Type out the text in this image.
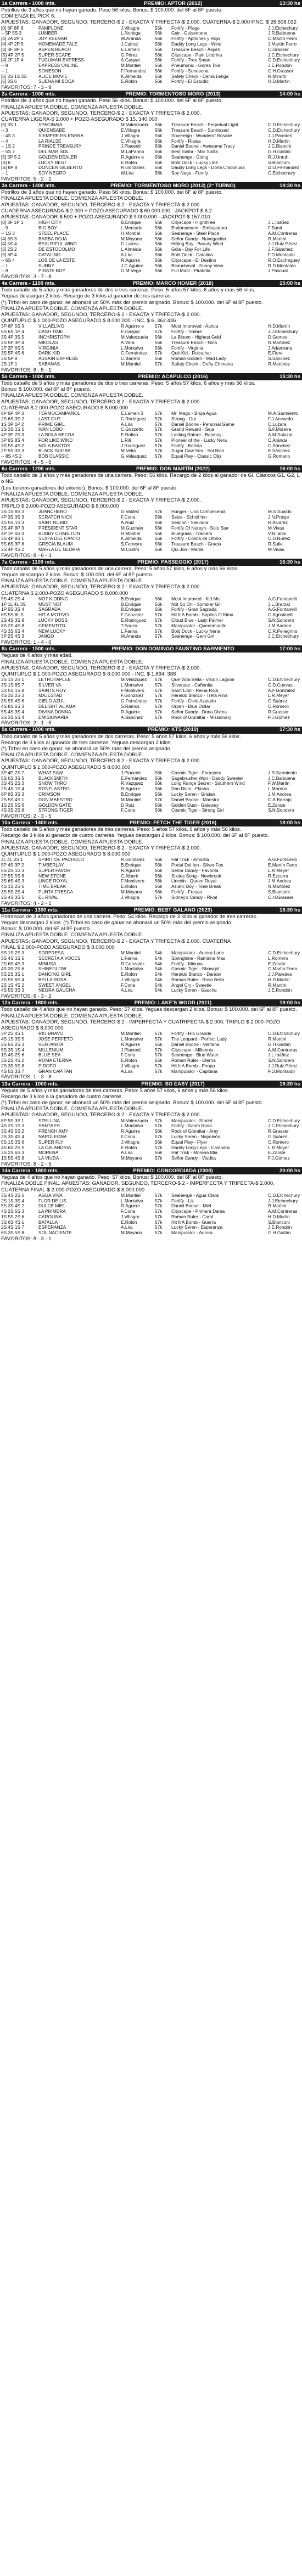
1a Carrera - 1000 mts.	PREMIO: APTOR (2012)	13:30 hs

Potrillos de 3 años que no hayan ganado. Peso 56 kilos. Bonus: $ 100.000. del 6F al 8F puesto.

COMIENZA EL PICK 6.

APUESTAS: GANADOR, SEGUNDO, TERCERO-$ 2 - EXACTA Y TRIFECTA-$ 2.000. CUATERNA-$ 2.000 P.NC. $ 28.608.032

[0] 8F 8P 8	PAMPLONE	J.Villagra	55k	Fortify - Plage	J.J.Etchechury
-- 5P 5S 3	LUMBER	L.Noriega	56k	Gstr - Gulsemene	J.R.Balbuena
[4] 2A 2P 1	JOY KEENAN	W.Aranda	56k	Fortify - Aphones y Rojo	C.Martin Ferro
[4] 4P 2P 5	HOMEMADE TALE	J.Cabral	56k	Daddy Long Legs - Wind	J.Martín Ferro
[3] 3F 3P 5	ASPEN BEACH	E.Lamelli	56k	Treasure Beach - Aspen	C.Grasser
[S] 4P 2P 5	SUPER SCAPE	G.Pérez	56k	Cityscape - Pain Lindrina	J.C.Etchechury
[4] 2F 1P 4	TUCUMAN EXPRESS	A.Gaspar	56k	Fortify - Tree Smart	C.D.Etchechury
-- 8	EXPRESS ONLINE	M.Montiel	56k	Pneumonic - Gorea Toia	J.E.Rondón
-- 1	SONESON	F.Fernandez	56k	Fortify - Sonesona	C.H.Grasser
[5] 3S 1S 3S	ALICE MOVIE	K.Almeida	56k	Safety Check - Dama Lenga	R.Minutti
[5] 3S 6	SUENA MI BOCA	E.Rolón	56k	Fortify - El Estudio	H.D.Martin
FAVORITOS: 7 - 3 - 9
2a Carrera - 1000 mts.	PREMIO: TORMENTOSO MORO (2013)	14:00 hs

Potrillos de 3 años que no hayan ganado. Peso 56 kilos. Bonus: $ 100.000. del 6F al 8F puesto.

FINALIZA APUESTA DOBLE. COMIENZA APUESTA DOBLE.

APUESTAS: GANADOR, SEGUNDO, TERCERO-$ 2 - EXACTA Y TRIFECTA-$ 2.000.

CUATERNA LIGERA-$ 2.000 + POZO ASEGURADO $ 15. 340.000

[5] 3S 1	SPACINAIA	M.Valenzuela	56k	Treasure Beach - Perpetual Light	C.D.Etchechury
-- 3	QUIENSABE	E.Villagra	56k	Treasure Beach - Sunkissed	C.D.Etchechury
-- 4S 3	SIEMPRE EN ENERA	J.Villagra	56k	Sovereign - Wonderof Rosalie	J.J.Paredes
-- 4	LA RIALSE	C.Villagra	56k	Fortify - Rialsa	H.D.Martin
-- 1S 2	PRINCE TREASURY	J.Piacenti	56k	Daniel Boone - Awesome Tracy	J.C.Bianchi
-- 5S 7	DEL MAR SOL	M.LaPanno	56k	Best Sailor - Mar Solita	G.H.Gaitán
[5] 5P 5 2	GOLDEN DEALER	R.Aguirre e	56k	Seahenge - Going	R.J.Unruh
[S] 6	LUCKY BEST	E.Rolón	56k	Bold Dock - Lucky Line	S.Bianconi
[S] 8P 8	DONCEN GILBERTO	R.Gonzales	56k	Daddy Long Legs - Doña Chiconusa	D.O.Fernández
-- 1	SOY NEGRO	W.Lira	56k	Soy Nego - Fortify	C.Etchechury
FAVORITOS: 5 - 2 - 1
3a Carrera - 1400 mts.	PREMIO: TORMENTOSO MORO (2013) (2° TURNO)	14:30 hs

Potrillos de 3 años que no hayan ganado. Peso 56 kilos. Bonus: $ 100.000. del 6F al 8F puesto.

FINALIZA APUESTA DOBLE. COMIENZA APUESTA DOBLE.

APUESTAS: GANADOR, SEGUNDO, TERCERO-$ 2 - EXACTA Y TRIFECTA-$ 2.000.

CUADERNA ASEGURADA-$ 2.000 + POZO ASEGURADO $ 60.000.000 - JACKPOT $ 6.2

APUESTAS: GANADOR-$ 500 + POZO ASEGURADO $ 9.000.000 - JACKPOT $ 157.010

[0] 3F 1P 1	HIGH CITY	B.Enrique	56k	Cityscape - Highthree	J.L.Ibáñez
-- 9	BIG BOY	L.Mercado	56k	Endorsement - Embajadora	F.Santi
-- 1S 3	STEEL PLACE	H.Montiel	56k	Seahenge - Steel Place	A.M.Contreras
[4] 3S 3	BARBA ROJA	M.Moyano	56k	Señor Candy - Navegación	R.Martini
[4] 5S 4	BEAUTIFUL WIND	G.Larrea	56k	Hitting Bay - Beauty Wind	J.J.Ruiz Pérez
[5] 2S 2	DE ESTOCOLMO	L.Almeida	56k	Góla - Day For Life	J.F.Sánchez
[5] 6P 4	CATALINO	A.Lira	56k	Bold Dock - Catalina	F.D.Montaldo
-- 6S 4	LOS DE LA ESTE	R.Aguirre	56k	Cityscape - El Destino	R.O.Escheguey
-- 1	SUNNY	J.C.Aguirre	56k	Beaucheval - Sunny View	R.D.Montaldo
-- 8	PIRATE BOY	O.M.Vega	56k	Full Mast - Piratella	J.Pascual
FAVORITOS: 3 - 7 - 8
4a Carrera - 1100 mts.	PREMIO: MARCO HOMER (2018)	15:00 hs

Todo caballo de 5 años y más ganadores de dos o tres carreras. Peso: 5 años 57 kilos, 6 años y más 56 kilos.

Yeguas descargan 2 kilos. Recargo de 3 kilos al ganador de tres carreras.

(*) Tirbol en caso de ganar, se abonará un 50% más del premio asignado. Bonus: $ 100.000. del 6F al 8F puesto.

FINALIZA APUESTA DOBLE. COMIENZA APUESTA DOBLE.

APUESTAS: GANADOR, SEGUNDO, TERCERO-$ 2 - EXACTA Y TRIFECTA-$ 2.000.

QUINTUPLO $ 1.000-POZO ASEGURADO $ 8.000.000 - INC. $ 6. 362.436

3P 6P 5S 3	VILLAELIVO	R.Aguirre e	57k	Most Improved - Aurica	H.D.Martín
5S 6S 1P 4	CASH TIME	E.Gaspar	57k	Fortify - Timbre	J.J.Etchechury
3S 4P 3S 5	INCHRISTOPH	M.Valenzuela	56k	La Bloom - Highest Gold	D.Gomes
2S 5P 3P 4	NIKOLAS	A.Vera	56k	Treasure Beach - Nina	N.Martínez
2P 2P 6S 5	VIRGINIA	L.Montalvo	56k	Fortify - Virginia	J.Adamiana
3S 5P 4S 6	DARK KID	C.Fernández	57k	Qué Kid - Ruicalhar	E.Fiore
3S 5P 8	ASSAIN EXPRESS	C.Barreto	56k	Roman Golden - Mad Lady	S.Sánchez
2S 1P 1	SABANAS	M.Montiel	57k	Safety Check - Doña Chimana	R.Martinez
FAVORITOS: 8 - 5 - 1
5a Carrera - 1000 mts.	PREMIO: ACAPULCO (2016)	15:30 hs

Todo caballo de 5 años y más ganadores de dos o tres carreras. Peso: 5 años 57 kilos, 6 años y más 56 kilos.

Bonus: $ 100.000. del 6F al 8F puesto.

FINALIZA APUESTA DOBLE. COMIENZA APUESTA DOBLE.

APUESTAS: GANADOR, SEGUNDO, TERCERO-$ 2 - EXACTA Y TRIFECTA-$ 2.000.

CUATERNA $ 2.000-POZO ASEGURADO $ 8.000.000

8P 6P 4P 3	TERMOCAMPAÑOL	E.Lamelli 3	57k	Mr. Mago - Bruja Agua	M.A.Sarmiento
2S 6S 3S 2	LAST OUT	C.Rodríguez	57k	Strong - Out	F.J.Acevedo
1S 3P 1P 2	PRIME GIRL	A.Lira	57k	Daniel Boone - Personal Game	C.Luzara
2S 3S 1S 5	IVAN LOBO	C.Gozzetto	57k	Grand Reward - Seja	S.F.Moreira
4P 3P 2S 3	LA BOLA NEGRA	E.Rollon	57k	Lasting Ratner - Baloney	A.M.Salazar
3P 6S 8S 4	FOR LIKE WIND	L.Rili	57k	Pioneer of the - Lucky Nera	C.Aránda
3S 5S 4S 2	NOLA BASTOS	J.Rodríguez	57k	Fortify - Batista	C.Sánchez
2P 5S 3S 3	BLACK SUGAR	M.Velia	57k	Sugar Caw Sea - Sol Blon	E.Sánchez
-- 8S 4S 2	BOB CLASSIC	G.Velasquez	57k	Equal Play - Classic Clip	G.Romano
FAVORITOS: 4 - 5 - 6
6a Carrera - 1200 mts.	PREMIO: DON MARTÍN (2022)	16:00 hs

Todo caballo de 3 años y más ganadores de una carrera. Peso: 56 kilos. Recargo de 2 kilos al ganador de Gl. Clásicos G1, G2, L o NG.

(Los boleros ganadores del exterior). Bonus: $ 100.000. del 6F al 8F puesto.

FINALIZA APUESTA DOBLE. COMIENZA APUESTA DOBLE.

APUESTAS: GANADOR, SEGUNDO, TERCERO-$ 2 - EXACTA Y TRIFECTA-$ 2.000.

TRIPLO $ 2.000-POZO ASEGURADO $ 8.000.000

3S 1S 8S 3	JUANCHERO	G.Valdez	57k	Hunger - Una Compecenia	M.S.Suaido
4P 3S 3S 3	SCRATCH NICK	F.Coria	56k	Seize - Scholl Inn	J.N.Presje
4S 5S 1S 3	SAINT RUBIO	A.Ruiz	56k	Sealion - Sakindia	R.Alvarez
3S 4P 8P 3	PRESIDENT STAR	M.Guzmán	56k	Fortify Of Nureyh - Solo Star	M.Vivas
4P 1P 4S 3	BOBBY CHARLTON	H.Montiel	56k	Bluegrass - Trainers	V.N.Ianni
3S 4P 8S 1	SEXTA DEL CANTO	K.Almeida	56k	Fortify - Colina de Otoño	C.D.Nuñez
5S 6S 3P 8	GRECIA BLAUM	S.Ferreyra	56k	Treasure Beach - Gracia	R.Sulle
2S 4P 4S 2	MARLA DE GLORIA	M.Castro	56k	Qui Jon - Marila	M.Vivas
FAVORITOS: 8 - 6 - 3
7a Carrera - 1100 mts.	PREMIO: PASSEGGIO (2017)	16:30 hs

Todo caballo de 5 años y más ganadores de una carrera. Peso: 5 años 57 kilos, 6 años y más 56 kilos.

Yeguas descargan 2 kilos. Bonus: $ 100.000. del 6F al 8F puesto.

FINALIZA APUESTA DOBLE. COMIENZA APUESTA DOBLE.

APUESTAS: GANADOR, SEGUNDO, TERCERO-$ 2 - EXACTA Y TRIFECTA-$ 2.000.

CUATERNA $ 2.000-POZO ASEGURADO $ 8.000.000

5S 4S 2S 4	NOT KIDDING	B.Enrique	56k	Most Improved - Kid Me	A.G.Fontanelli
1P 1L 4L 3S	MUST NOT	B.Enrique	56k	Not So On - Sombler Gill	J.L.Brarzat
1P 5S 3S 4	SAGRADA	B.Enrique	56k	Fortify - Gran Sagrada	A.G.Fontanelli
6S 5S 8L 5	HIT A MOTIVO	F.Gonzalez	57k	Hit It A Bomb - Súplina O Kima	C.Agostinelli
2S 4S 3S 8	LUCKY BOSS	E.Rodríguez	57k	Cloud Blue - Lady Palmer	S.N.Sondero
8S 2S 4S 8	CEMENTITO	T.Souza	57k	Manipulator - Queenmantle	J.M.Andrea
4S 3S 6S 4	NEW LUCKY	L.Farina	57k	Bold Dock - Lucky Nena	C.R.Pellegrino
3P 2S 4S 3	JANGO	W.Aranda	57k	Seahenge - Gem Girl	J.C.Etchechury
FAVORITOS: 1 - 4 - 6
8a Carrera - 1500 mts.	PREMIO: DON DOMINGO FAUSTINO SARMIENTO	17:00 hs

Yeguas de 4 años y más edad.

FINALIZA APUESTA DOBLE. COMIENZA APUESTA DOBLE.

APUESTAS: GANADOR, SEGUNDO, TERCERO-$ 2 - EXACTA Y TRIFECTA-$ 2.000.

QUINTUPLO $ 1.000-POZO ASEGURADO $ 6.000.000 - INC. $ 1.894. 388

2S 1S 2S 1	LETROTAPLEE	M.Velázquez	57k	Que Vida Bella - Vision Lagoon	C.D.Etchechury
3S 1S 8S 7	SILVER VA	L.Montalvo	57k	Silverstar - Cañonita	C.D.Cuevas
3S 5S 1S 8	SAINTS ROY	F.Montivero	57k	Saint Lion - Reina Roja	A.F.González
4S 3S 2S 3	MAJESTAD	F.Gonzalez	57k	Heraldo Blanco - Treta Rina	L.R.Meyer
3S 5S 4S 6	CIELO AZUL	G.Fernández	57k	Fortify - Cielo Azulado	G.Suárez
4S 8S 6S 3	DELIGHT AL AMA	S.Ramos	57k	Orpen - Blue Dollar	C.Romero
5S 4S 3S 4	DIVINA DONNA	R.Aguirre	57k	Señor Candy - Dona Divina	R.Grasser
2S 3S 5S 4	EMISIONARIA	A.Sánchez	57k	Rock of Gibraltar - Missionary	F.J.Gómez
FAVORITOS: 2 - 1 - 5
9a Carrera - 1000 mts.	PREMIO: KTS (2019)	17:30 hs

Todo caballo de 5 años y más ganadores de dos carreras. Peso: 5 años 57 kilos, 6 años y más 56 kilos.

Recargo de 3 kilos al ganador de tres carreras. Yeguas descargan 2 kilos.

(*) Tirbol en caso de ganar, se abonará un 50% más del premio asignado.

FINALIZA APUESTA DOBLE. COMIENZA APUESTA DOBLE.

APUESTAS: GANADOR, SEGUNDO, TERCERO-$ 2 - EXACTA Y TRIFECTA-$ 2.000.

QUINTUPLO $ 1.000-POZO ASEGURADO $ 8.000.000

3P 4P 2S 7	WHAT SAW	J.Piacenti	56k	Cosmic Tiger - Forastera	J.R.Sarmiento
5S 6S 3S 5	BLACKSMITH	E.Fernández	56k	Sagebrusher Won - Daddy Sweeter	J.C.Balbuena
3S 4S 2S 3	SNOW THRO	R.Vázquez	56k	Long Range Secret - Southern Wind	F.W.Martin
2S 4S 1S 4	RONFLASTRO	R.Aguirre	56k	Don Dicio - Flasha	L.Moreno
8P 6S 3S 3	CRIMSON	B.Enrique	56k	Lucky Seren - Grisian	J.M.Andrea
2S 5S 4S 1	DON MAESTRO	M.Montiel	57k	Daniel Boone - Maestra	C.A.Borrajo
1S 2S 5S 6	GOLDEN GATE	D.Ruiz	56k	Golden Dust - Gateway	E.Zarate
4S 3S 2S 8	STRONG TIGER	F.Coria	56k	Cosmic Tiger - Strong Girl	S.N.Sondero
FAVORITOS: 2 - 3 - 5
10a Carrera - 1400 mts.	PREMIO: FETCH THE TIGER (2016)	18:00 hs

Todo caballo de 5 años y más ganadores de tres carreras. Peso: 5 años 57 kilos, 6 años y más 56 kilos.

Recargo de 3 kilos al ganador de cuatro carreras. Yeguas descargan 2 kilos. Bonus: $ 100.000. del 6F al 8F puesto.

FINALIZA APUESTA DOBLE. COMIENZA APUESTA DOBLE.

APUESTAS: GANADOR, SEGUNDO, TERCERO-$ 2 - EXACTA Y TRIFECTA-$ 2.000.

QUINTUPLO $ 1.000-POZO ASEGURADO $ 8.000.000

4L 4L 3S 1	SPIRIT DE PACHECO	R.Gonzalez	56k	Hat Trick - Amicitia	A.G.Fontanelli
5P 4S 3P 2	TIMBERLAY	B.Enrique	56k	Portal Del Inn - Silver Fox	E.Martín Ferro
6S 2S 1S 3	SUPER FAVOR	R.Aguirre	56k	Señor Candy - Favorita	L.R.Meyer
2P 5S 5S 6	NEW STONE	C.Alberti	56k	Sixties Song - Newbrook	R.Ezcurra
3S 6S 4S 3	LINCE ROYAL	F.Montivero	56k	Lincoln - Queen Royal	J.M.Andrea
4S 1S 2S 6	TIME BREAK	E.Rolón	56k	Asiatic Boy - Time Break	N.Martínez
3S 5S 2S 4	PUNTA FRESCA	M.Moyano	56k	Fortify - Fresca	S.Bianconi
2S 4S 3S 5	EL RIVAL	J.Villagra	57k	Sidney's Candy - Rival	C.H.Grasser
FAVORITOS: 4 - 2 - 1
11a Carrera - 1300 mts.	PREMIO: BEST GALANO (2023)	18:30 hs

Potrancas de 3 años ganadoras de una carrera. Peso: 54 kilos. Recargo de 3 kilos al ganador de tres carreras.

Yeguas descargan 2 kilos. (*) Tirbol en caso de ganar se abonará un 50% más del premio asignado.

Bonus: $ 100.000. del 6F al 8F puesto.

FINALIZA APUESTA DOBLE. COMIENZA APUESTA DOBLE.

APUESTAS: GANADOR, SEGUNDO, TERCERO-$ 2 - EXACTA Y TRIFECTA-$ 2.000. CUATERNA

FINAL $ 2.000-POZO ASEGURADO $ 8.000.000

5S 1S 2S 3	SORPRESA	M.Montiel	54k	Manipulator - Aurora Lane	C.D.Etchechury
3S 4S 1S 5	SECRETA A VOCES	L.Farina	54k	Springtime - Ramirina Mas	L.Romero
2S 6S 4S 3	MINUSA	R.Gonzalez	54k	Fortify - Minusa	E.Zarate
4S 3S 2S 6	SHINEGLOW	L.Montalvo	54k	Cosmic Tiger - Showgirl	C.Martin Ferro
5S 2S 3S 1	DANCING GIRL	E.Rolón	54k	Heraldo Blanco - Dancer	J.J.Paredes
3S 5S 6S 4	BELLA ROSA	J.Villagra	54k	Roman Ruler - Rosa Bella	H.D.Martin
2S 1S 4S 2	SWEET ANGEL	F.Coria	54k	Angel Cry - Sweetie	R.Martini
4S 5S 3S 3	NEGRA GAUCHA	A.Lira	54k	Lucky Seren - Gaucha	J.E.Rondón
FAVORITOS: 6 - 3 - 2
12a Carrera - 1800 mts.	PREMIO: LAKE'S WOOD (2011)	19:00 hs

Todo caballo de 4 años que no hayan ganado. Peso: 57 kilos. Yeguas descargan 2 kilos. Bonus: $ 100.000. del 6F al 8F puesto.

FINALIZA APUESTA DOBLE. COMIENZA APUESTA DOBLE.

APUESTAS: GANADOR, SEGUNDO, TERCERO-$ 2 - IMPERFECTA Y CUATRIFECTA-$ 2.000. TRIPLO $ 2.000-POZO ASEGURADO $ 8.000.000

3P 2S 4S 1	RIO BRAVO	M.Montiel	57k	Fortify - Rio Grande	C.D.Etchechury
4S 1S 3S 5	JOSE PERFETO	L.Montalvo	57k	The Leopard - Perfect Lady	R.Martini
2S 5S 2S 3	VENTANITA	R.Aguirre	55k	Daniel Boone - Ventana	G.H.Gaitán
5S 3S 1S 4	MILLENIUM	J.Piacenti	57k	Cityscape - Millennia	A.M.Contreras
1S 4S 2S 6	BLUE SEA	F.Coria	57k	Seahenge - Blue Water	J.L.Ibáñez
3S 2S 4S 2	ROMA ETERNA	E.Rolón	55k	Roman Ruler - Eterna	S.N.Sondero
2S 3S 5S 8	PIROPO	J.Villagra	57k	Hit It A Bomb - Piropa	J.J.Ruiz Pérez
4S 5S 3S 7	GRAN CAPITAN	A.Lira	57k	Manipulator - Capitana	F.D.Montaldo
FAVORITOS: 1 - 3 - 8
13a Carrera - 1000 mts.	PREMIO: SO EASY (2017)	19:30 hs

Yeguas de 5 años y más ganadoras de tres carreras. Peso: 5 años 57 kilos, 6 años y más 56 kilos.

Recargo de 3 kilos a la ganadora de cuatro carreras.

(*) Tirbol en caso de ganar, se abonará un 50% más del premio asignado. Bonus: $ 100.000. del 6F al 8F puesto.

FINALIZA APUESTA DOBLE. COMIENZA APUESTA DOBLE.

APUESTAS: GANADOR, SEGUNDO, TERCERO-$ 2 - EXACTA Y TRIFECTA-$ 2.000.

8P 5S 3S 1	STELLINA	M.Valenzuela	57k	Manipulator - Starlet	C.D.Etchechury
4S 2S 1S 3	SANTA FE	L.Montalvo	57k	Fortify - Santa Rosa	J.C.Etchechury
3S 4S 5S 2	FRENCH AMY	R.Aguirre	56k	Rock of Gibraltar - Amy	R.Grasser
2S 3S 4S 4	NAPOLEONA	F.Coria	57k	Lucky Seren - Napoleón	G.Suárez
5S 1S 3S 6	SUPER FLY	J.Villagra	56k	Equal Play - Flyer	C.Romero
4S 6S 2S 5	LA CALANDRIA	E.Rolón	57k	Daddy Long Legs - Calandra	L.R.Meyer
3S 2S 6S 3	MORENA	A.Lira	56k	Hat Trick - Morena Mia	E.Zarate
1S 5S 4S 8	LA VIUDA	M.Moyano	57k	Señor Candy - Viudita	F.J.Gómez
FAVORITOS: 8 - 2 - 5
14a Carrera - 1800 mts.	PREMIO: CONCORDIADA (2008)	20:00 hs

Yeguas de 4 años que no hayan ganado. Peso: 57 kilos. Bonus: $ 100.000. del 6F al 8F puesto.

FINALIZA DOBLE FINAL. APUESTAS: GANADOR, SEGUNDO, TERCERO-$ 2 - IMPERFECTA Y TRIFECTA-$ 2.000. CUATERNA FINAL-$ 2.000-POZO ASEGURADO $ 8.000.000

3S 4S 2S 5	AGUA VIVA	M.Montiel	57k	Seahenge - Agua Clara	C.D.Etchechury
2S 1S 3S 4	FLOR DE LIS	L.Montalvo	57k	Fortify - Liz	J.J.Etchechury
5S 3S 4S 2	DULCE MIEL	R.Aguirre	57k	Daniel Boone - Miel	R.Martini
4S 2S 5S 3	LA PRIMERA	F.Coria	57k	Cityscape - Primera Dama	A.M.Contreras
1S 5S 2S 6	CAROLINA	J.Villagra	57k	Roman Ruler - Carol	H.D.Martin
3S 6S 4S 1	BATALLA	E.Rolón	57k	Hit It A Bomb - Guerra	S.Bianconi
2S 4S 1S 7	ESPERANZA	A.Lira	57k	Lucky Seren - Esperanza	J.E.Rondón
6S 3S 5S 8	SOL NACIENTE	M.Moyano	57k	Manipulator - Aurora	G.H.Gaitán
FAVORITOS: 8 - 3 - 1
